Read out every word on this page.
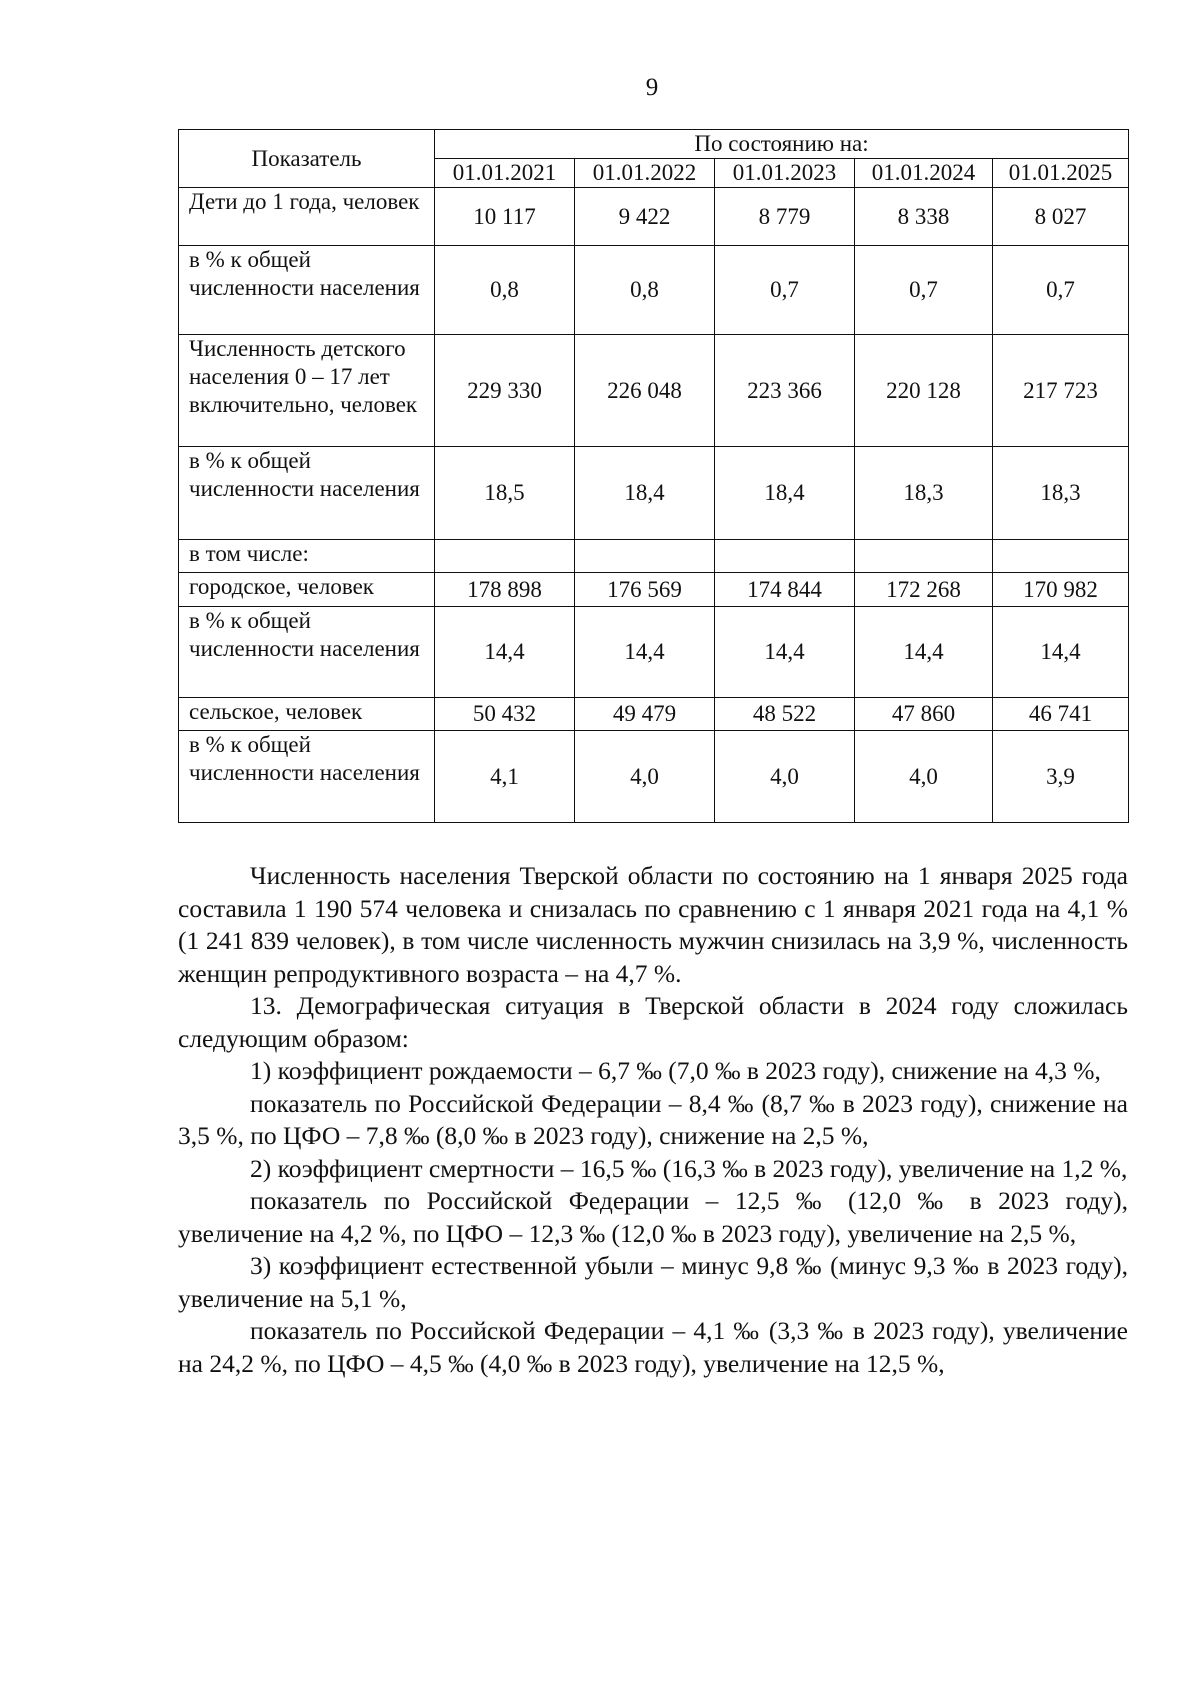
9
Показатель	По состоянию на:				
	01.01.2021	01.01.2022	01.01.2023	01.01.2024	01.01.2025
Дети до 1 года, человек	10 117	9 422	8 779	8 338	8 027
в % к общей численности населения	0,8	0,8	0,7	0,7	0,7
Численность детского населения 0 – 17 лет включительно, человек	229 330	226 048	223 366	220 128	217 723
в % к общей численности населения	18,5	18,4	18,4	18,3	18,3
в том числе:					
городское, человек	178 898	176 569	174 844	172 268	170 982
в % к общей численности населения	14,4	14,4	14,4	14,4	14,4
сельское, человек	50 432	49 479	48 522	47 860	46 741
в % к общей численности населения	4,1	4,0	4,0	4,0	3,9

Численность населения Тверской области по состоянию на 1 января 2025 года составила 1 190 574 человека и снизалась по сравнению с 1 января 2021 года на 4,1 % (1 241 839 человек), в том числе численность мужчин снизилась на 3,9 %, численность женщин репродуктивного возраста – на 4,7 %.

13. Демографическая ситуация в Тверской области в 2024 году сложилась следующим образом:

1) коэффициент рождаемости – 6,7 ‰ (7,0 ‰ в 2023 году), снижение на 4,3 %,

показатель по Российской Федерации – 8,4 ‰ (8,7 ‰ в 2023 году), снижение на 3,5 %, по ЦФО – 7,8 ‰ (8,0 ‰ в 2023 году), снижение на 2,5 %,

2) коэффициент смертности – 16,5 ‰ (16,3 ‰ в 2023 году), увеличение на 1,2 %,

показатель по Российской Федерации – 12,5 ‰ (12,0 ‰ в 2023 году), увеличение на 4,2 %, по ЦФО – 12,3 ‰ (12,0 ‰ в 2023 году), увеличение на 2,5 %,

3) коэффициент естественной убыли – минус 9,8 ‰ (минус 9,3 ‰ в 2023 году), увеличение на 5,1 %,

показатель по Российской Федерации – 4,1 ‰ (3,3 ‰ в 2023 году), увеличение на 24,2 %, по ЦФО – 4,5 ‰ (4,0 ‰ в 2023 году), увеличение на 12,5 %,
